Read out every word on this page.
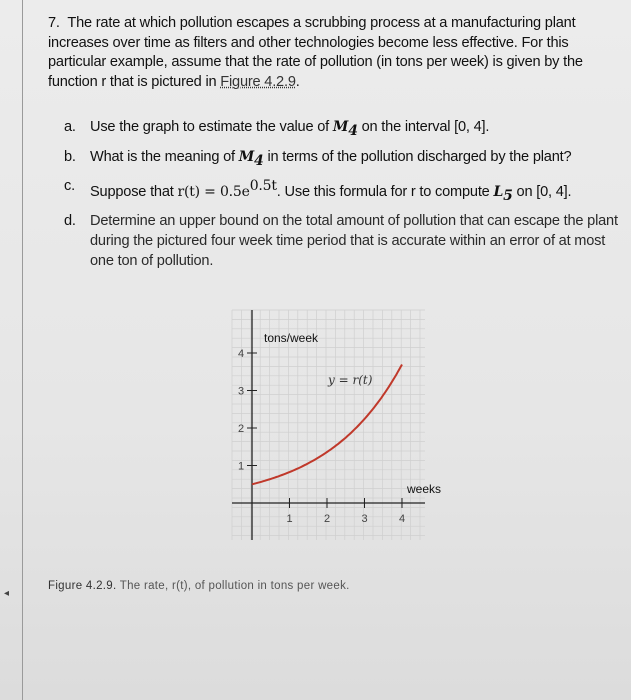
7. The rate at which pollution escapes a scrubbing process at a manufacturing plant increases over time as filters and other technologies become less effective. For this particular example, assume that the rate of pollution (in tons per week) is given by the function r that is pictured in Figure 4.2.9.
a. Use the graph to estimate the value of $M_4$ on the interval [0, 4].
b. What is the meaning of $M_4$ in terms of the pollution discharged by the plant?
c. Suppose that $r(t) = 0.5e^{0.5t}$. Use this formula for r to compute $L_5$ on [0, 4].
d. Determine an upper bound on the total amount of pollution that can escape the plant during the pictured four week time period that is accurate within an error of at most one ton of pollution.
1
2
3
4
1	2	3	4
tons/week
weeks
y = r(t)
Figure 4.2.9. The rate, r(t), of pollution in tons per week.
◂
